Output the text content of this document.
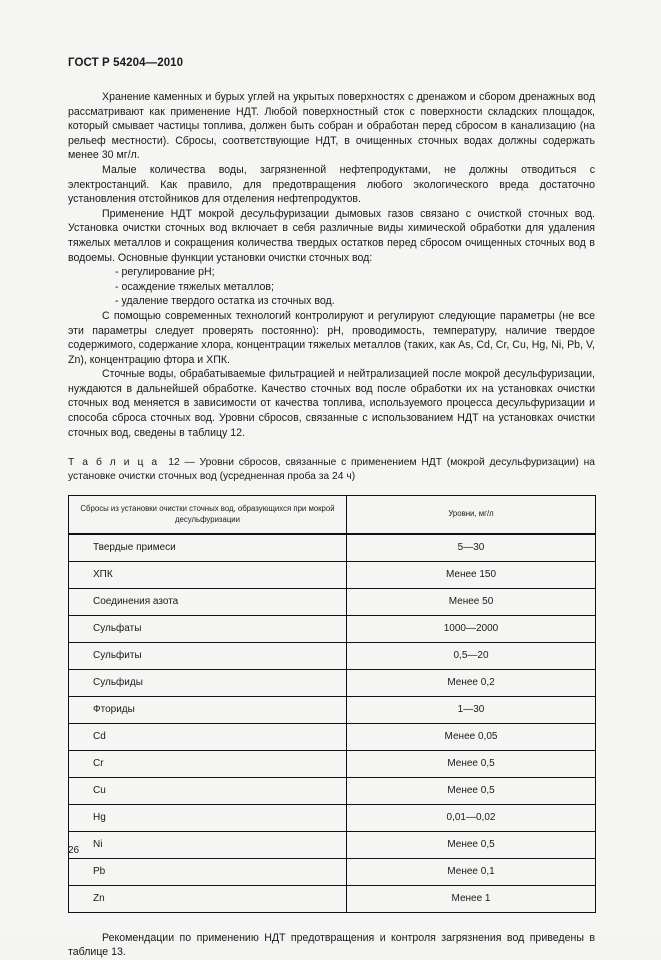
ГОСТ Р 54204—2010

Хранение каменных и бурых углей на укрытых поверхностях с дренажом и сбором дренажных вод рассматривают как применение НДТ. Любой поверхностный сток с поверхности складских площадок, который смывает частицы топлива, должен быть собран и обработан перед сбросом в канализацию (на рельеф местности). Сбросы, соответствующие НДТ, в очищенных сточных водах должны содержать менее 30 мг/л.

Малые количества воды, загрязненной нефтепродуктами, не должны отводиться с электростанций. Как правило, для предотвращения любого экологического вреда достаточно установления отстойников для отделения нефтепродуктов.

Применение НДТ мокрой десульфуризации дымовых газов связано с очисткой сточных вод. Установка очистки сточных вод включает в себя различные виды химической обработки для удаления тяжелых металлов и сокращения количества твердых остатков перед сбросом очищенных сточных вод в водоемы. Основные функции установки очистки сточных вод:

- регулирование pH;

- осаждение тяжелых металлов;

- удаление твердого остатка из сточных вод.

С помощью современных технологий контролируют и регулируют следующие параметры (не все эти параметры следует проверять постоянно): pH, проводимость, температуру, наличие твердое содержимого, содержание хлора, концентрации тяжелых металлов (таких, как As, Cd, Cr, Cu, Hg, Ni, Pb, V, Zn), концентрацию фтора и ХПК.

Сточные воды, обрабатываемые фильтрацией и нейтрализацией после мокрой десульфуризации, нуждаются в дальнейшей обработке. Качество сточных вод после обработки их на установках очистки сточных вод меняется в зависимости от качества топлива, используемого процесса десульфуризации и способа сброса сточных вод. Уровни сбросов, связанные с использованием НДТ на установках очистки сточных вод, сведены в таблицу 12.

Т а б л и ц а 12 — Уровни сбросов, связанные с применением НДТ (мокрой десульфуризации) на установке очистки сточных вод (усредненная проба за 24 ч)

Сбросы из установки очистки сточных вод, образующихся при мокрой десульфуризации	Уровни, мг/л
Твердые примеси	5—30
ХПК	Менее 150
Соединения азота	Менее 50
Сульфаты	1000—2000
Сульфиты	0,5—20
Сульфиды	Менее 0,2
Фториды	1—30
Cd	Менее 0,05
Cr	Менее 0,5
Cu	Менее 0,5
Hg	0,01—0,02
Ni	Менее 0,5
Pb	Менее 0,1
Zn	Менее 1

Рекомендации по применению НДТ предотвращения и контроля загрязнения вод приведены в таблице 13.

26
